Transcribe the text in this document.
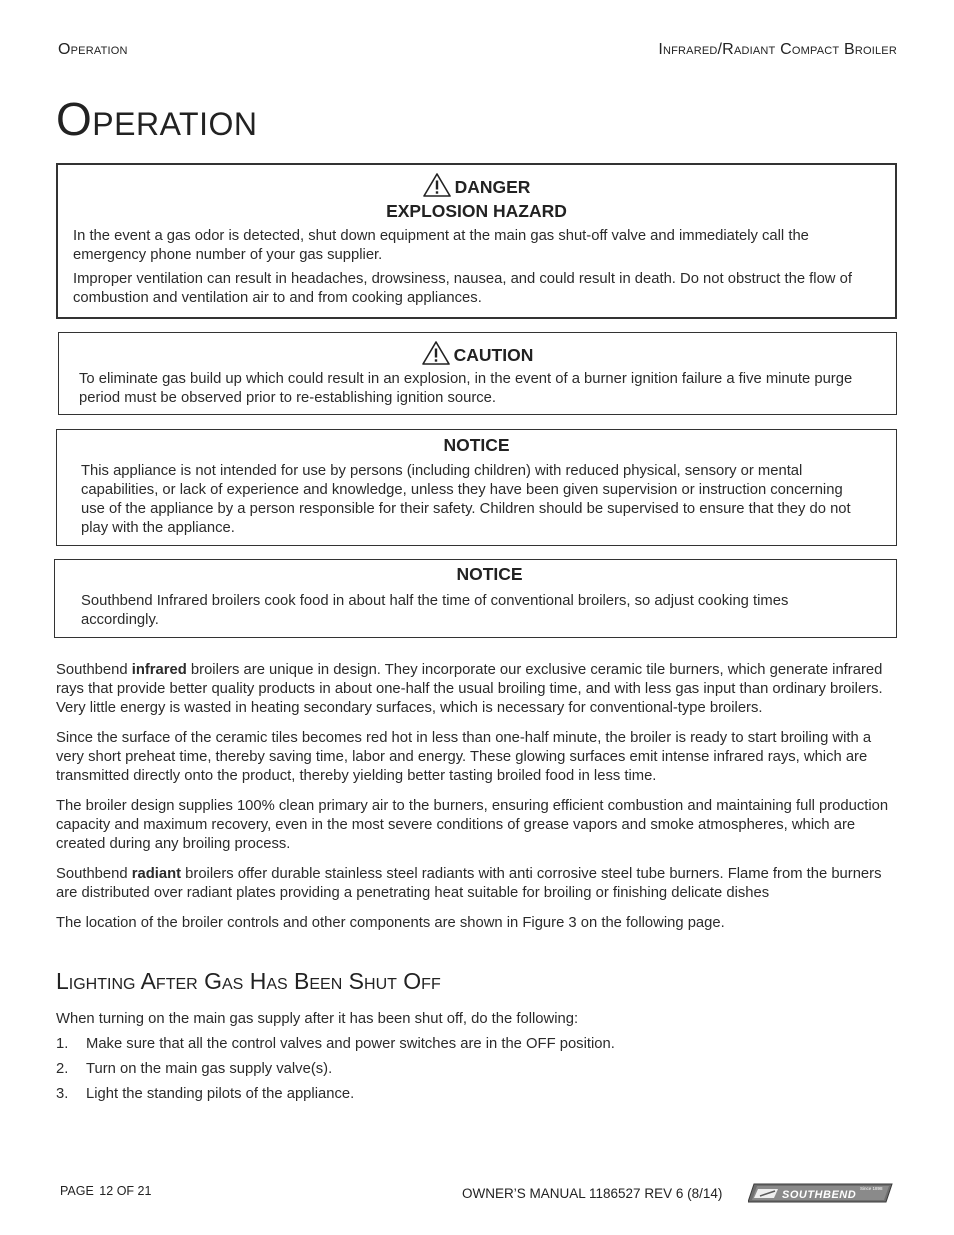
Operation	Infrared/Radiant Compact Broiler
Operation
DANGER
EXPLOSION HAZARD

In the event a gas odor is detected, shut down equipment at the main gas shut-off valve and immediately call the emergency phone number of your gas supplier.

Improper ventilation can result in headaches, drowsiness, nausea, and could result in death. Do not obstruct the flow of combustion and ventilation air to and from cooking appliances.

CAUTION
To eliminate gas build up which could result in an explosion, in the event of a burner ignition failure a five minute purge period must be observed prior to re-establishing ignition source.
NOTICE
This appliance is not intended for use by persons (including children) with reduced physical, sensory or mental capabilities, or lack of experience and knowledge, unless they have been given supervision or instruction concerning use of the appliance by a person responsible for their safety. Children should be supervised to ensure that they do not play with the appliance.
NOTICE
Southbend Infrared broilers cook food in about half the time of conventional broilers, so adjust cooking times accordingly.

Southbend infrared broilers are unique in design. They incorporate our exclusive ceramic tile burners, which generate infrared rays that provide better quality products in about one-half the usual broiling time, and with less gas input than ordinary broilers. Very little energy is wasted in heating secondary surfaces, which is necessary for conventional-type broilers.

Since the surface of the ceramic tiles becomes red hot in less than one-half minute, the broiler is ready to start broiling with a very short preheat time, thereby saving time, labor and energy. These glowing surfaces emit intense infrared rays, which are transmitted directly onto the product, thereby yielding better tasting broiled food in less time.

The broiler design supplies 100% clean primary air to the burners, ensuring efficient combustion and maintaining full production capacity and maximum recovery, even in the most severe conditions of grease vapors and smoke atmospheres, which are created during any broiling process.

Southbend radiant broilers offer durable stainless steel radiants with anti corrosive steel tube burners. Flame from the burners are distributed over radiant plates providing a penetrating heat suitable for broiling or finishing delicate dishes

The location of the broiler controls and other components are shown in Figure 3 on the following page.

Lighting After Gas Has Been Shut Off

When turning on the main gas supply after it has been shut off, do the following:

1.	Make sure that all the control valves and power switches are in the OFF position.
2.	Turn on the main gas supply valve(s).
3.	Light the standing pilots of the appliance.
PAGE 12 OF 21	OWNER’S MANUAL 1186527 REV 6 (8/14)	SOUTHBEND
Since 1898
